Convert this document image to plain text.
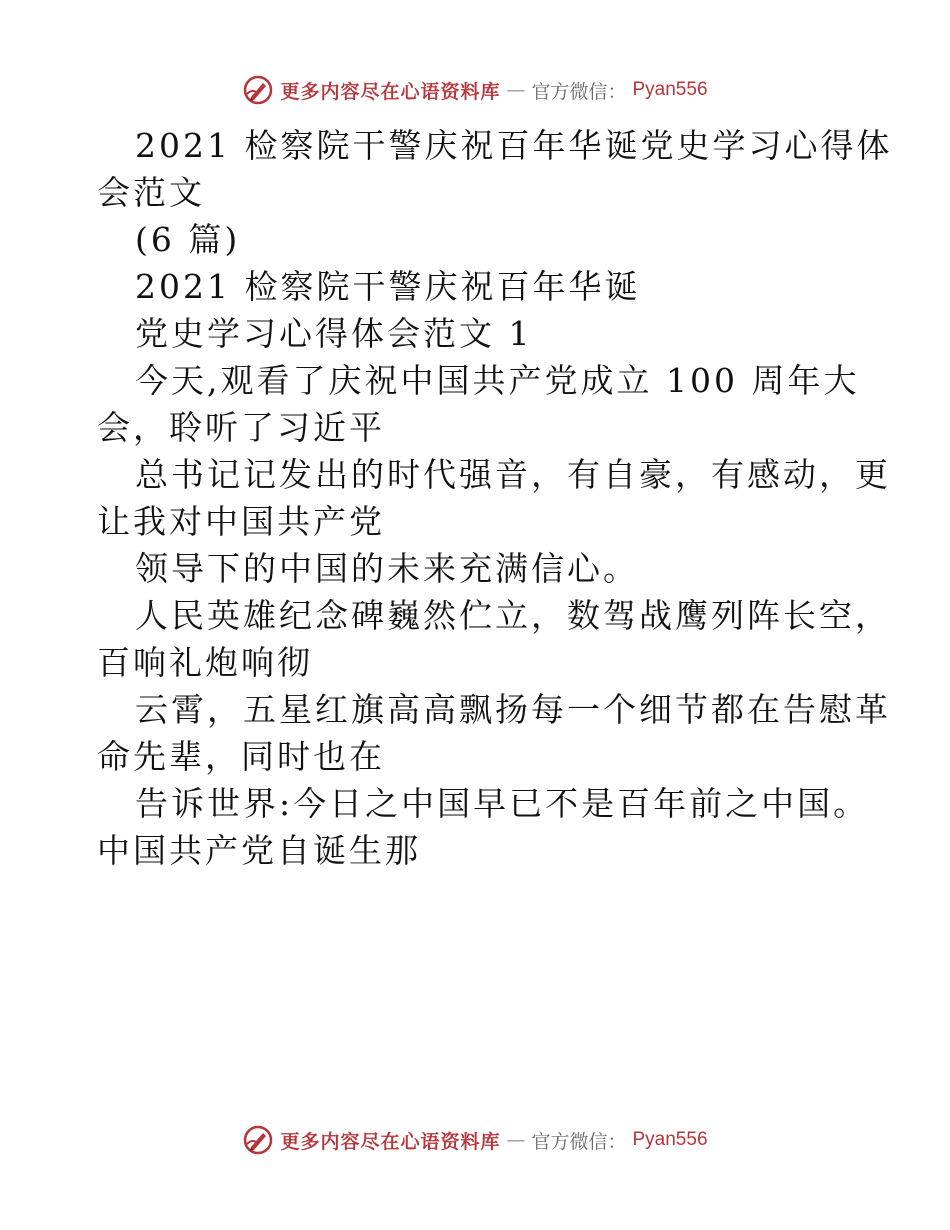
更多内容尽在心语资料库 — 官方微信： Pyan556
2021 检察院干警庆祝百年华诞党史学习心得体
会范文
(6 篇)
2021 检察院干警庆祝百年华诞
党史学习心得体会范文 1
今天,观看了庆祝中国共产党成立 100 周年大
会，聆听了习近平
总书记记发出的时代强音，有自豪，有感动，更
让我对中国共产党
领导下的中国的未来充满信心。
人民英雄纪念碑巍然伫立，数驾战鹰列阵长空，
百响礼炮响彻
云霄，五星红旗高高飘扬每一个细节都在告慰革
命先辈，同时也在
告诉世界:今日之中国早已不是百年前之中国。
中国共产党自诞生那
更多内容尽在心语资料库 — 官方微信： Pyan556
